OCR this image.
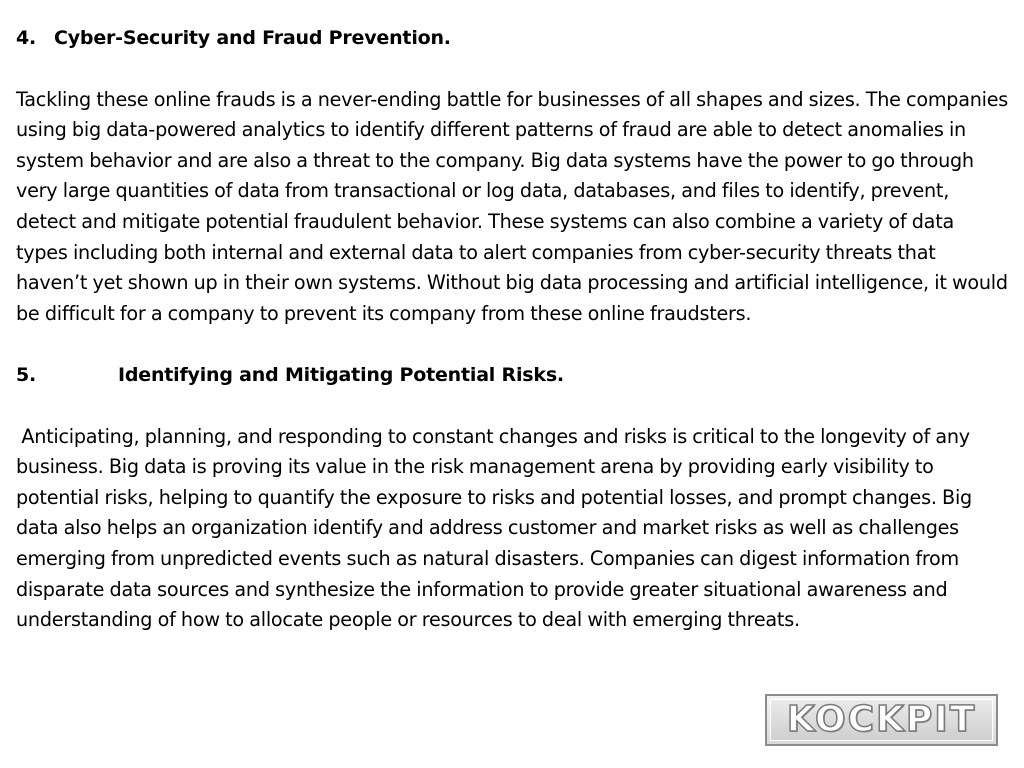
4. Cyber-Security and Fraud Prevention.

Tackling these online frauds is a never-ending battle for businesses of all shapes and sizes. The companies using big data-powered analytics to identify different patterns of fraud are able to detect anomalies in system behavior and are also a threat to the company. Big data systems have the power to go through very large quantities of data from transactional or log data, databases, and files to identify, prevent, detect and mitigate potential fraudulent behavior. These systems can also combine a variety of data types including both internal and external data to alert companies from cyber-security threats that haven’t yet shown up in their own systems. Without big data processing and artificial intelligence, it would be difficult for a company to prevent its company from these online fraudsters.

5.	Identifying and Mitigating Potential Risks.

Anticipating, planning, and responding to constant changes and risks is critical to the longevity of any business. Big data is proving its value in the risk management arena by providing early visibility to potential risks, helping to quantify the exposure to risks and potential losses, and prompt changes. Big data also helps an organization identify and address customer and market risks as well as challenges emerging from unpredicted events such as natural disasters. Companies can digest information from disparate data sources and synthesize the information to provide greater situational awareness and understanding of how to allocate people or resources to deal with emerging threats.

KOCKPIT
